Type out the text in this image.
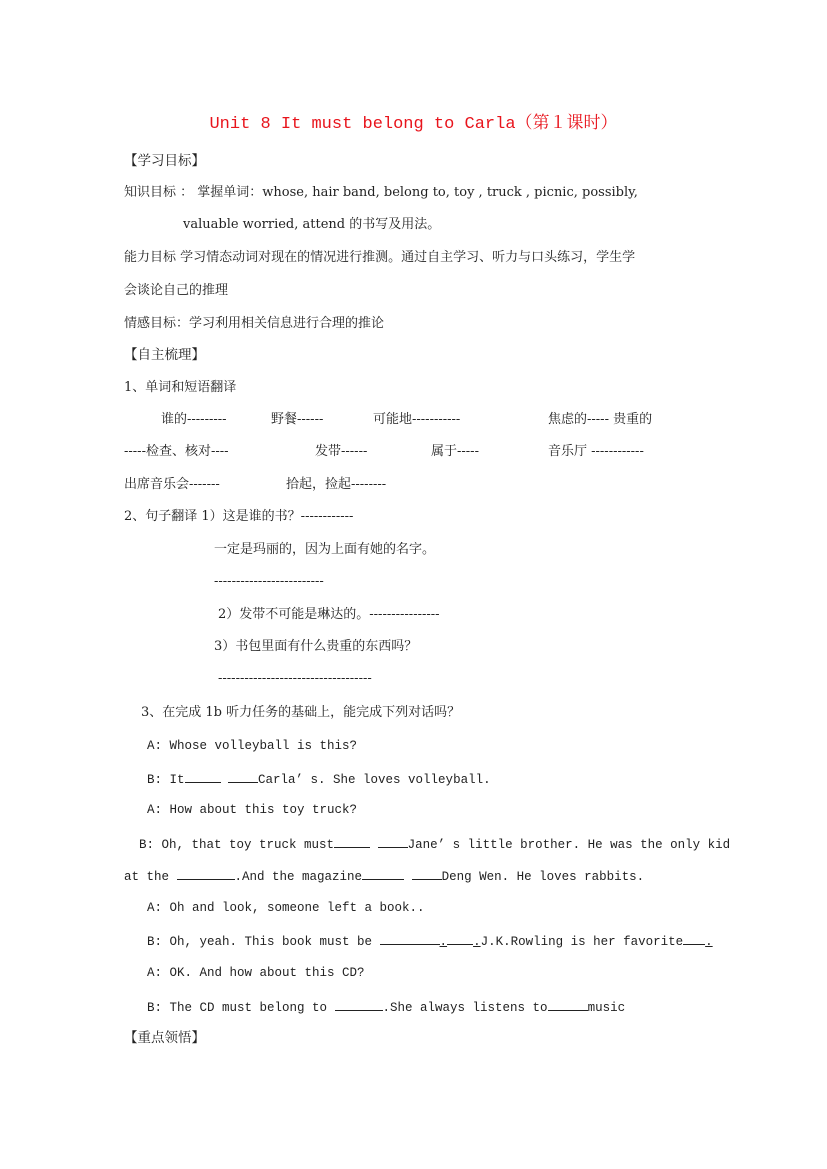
Unit 8 It must belong to Carla（第１课时）
【学习目标】
知识目标 ： 掌握单词：whose, hair band, belong to, toy , truck , picnic, possibly,
valuable worried, attend 的书写及用法。
能力目标 学习情态动词对现在的情况进行推测。通过自主学习、听力与口头练习，学生学
会谈论自己的推理
情感目标：学习利用相关信息进行合理的推论
【自主梳理】
1、单词和短语翻译
谁的---------	野餐------	可能地-----------	焦虑的----- 贵重的
-----检查、核对----	发带------	属于-----	音乐厅 ------------
出席音乐会-------	拾起，捡起--------
2、句子翻译 1）这是谁的书？------------
一定是玛丽的，因为上面有她的名字。
-------------------------
2）发带不可能是琳达的。----------------
3）书包里面有什么贵重的东西吗？
-----------------------------------
3、在完成 1b 听力任务的基础上，能完成下列对话吗？
A: Whose volleyball is this?
B: It	Carla’ s. She loves volleyball.
A: How about this toy truck?
B: Oh, that toy truck must	Jane’ s little brother. He was the only kid
at the	.And the magazine	Deng Wen. He loves rabbits.
A: Oh and look, someone left a book..
B: Oh, yeah. This book must be	. .J.K.Rowling is her favorite .
A: OK. And how about this CD?
B: The CD must belong to	.She always listens to	music
【重点领悟】
